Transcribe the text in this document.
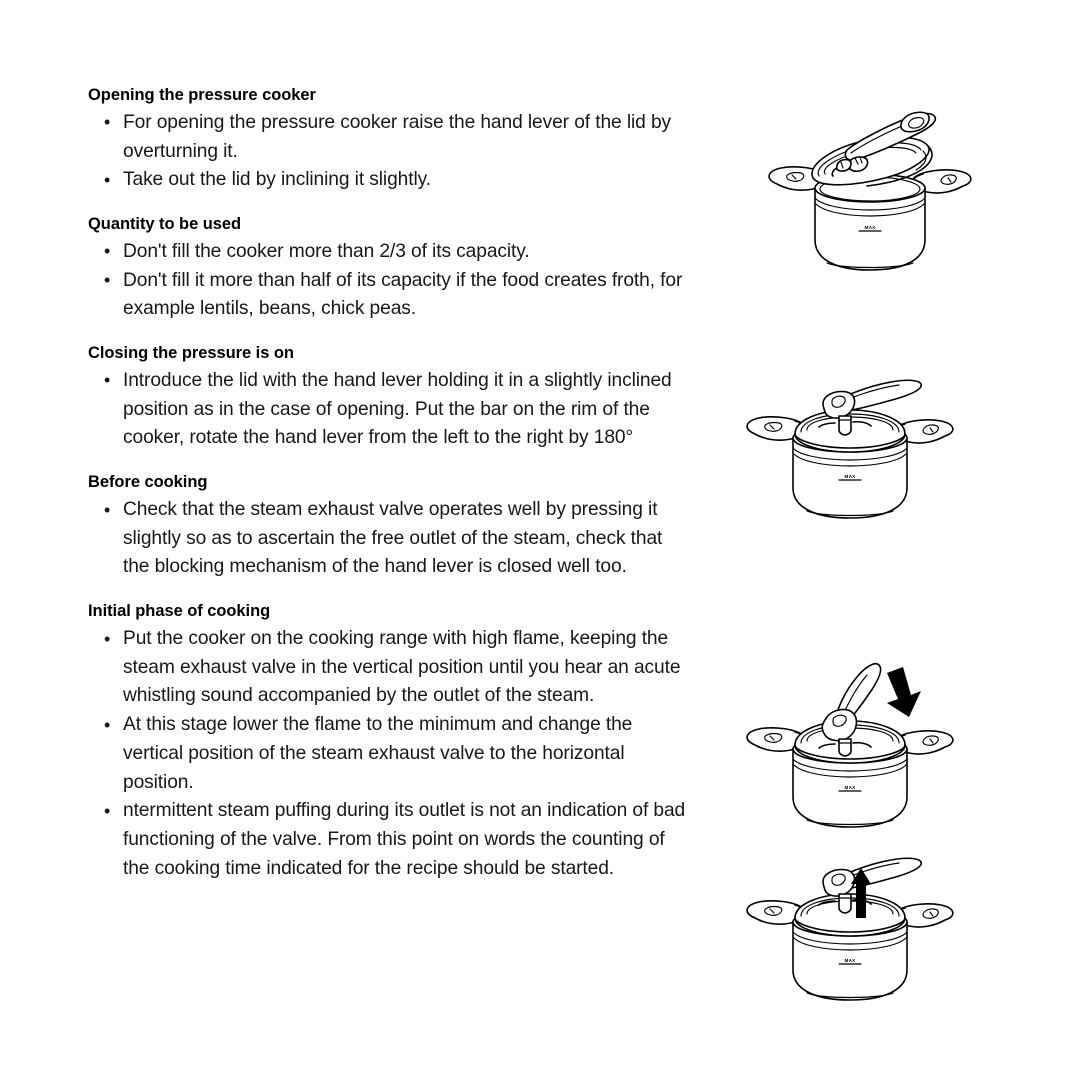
Opening the pressure cooker
• For opening the pressure cooker raise the hand lever of the lid by overturning it.
• Take out the lid by inclining it slightly.
Quantity to be used
• Don't fill the cooker more than 2/3 of its capacity.
• Don't fill it more than half of its capacity if the food creates froth, for example lentils, beans, chick peas.
Closing the pressure is on
• Introduce the lid with the hand lever holding it in a slightly inclined position as in the case of opening. Put the bar on the rim of the cooker, rotate the hand lever from the left to the right by 180°
Before cooking
• Check that the steam exhaust valve operates well by pressing it slightly so as to ascertain the free outlet of the steam, check that the blocking mechanism of the hand lever is closed well too.
Initial phase of cooking
• Put the cooker on the cooking range with high flame, keeping the steam exhaust valve in the vertical position until you hear an acute whistling sound accompanied by the outlet of the steam.
• At this stage lower the flame to the minimum and change the vertical position of the steam exhaust valve to the horizontal position.
• ntermittent steam puffing during its outlet is not an indication of bad functioning of the valve. From this point on words the counting of the cooking time indicated for the recipe should be started.
MAX
MAX
MAX
MAX
